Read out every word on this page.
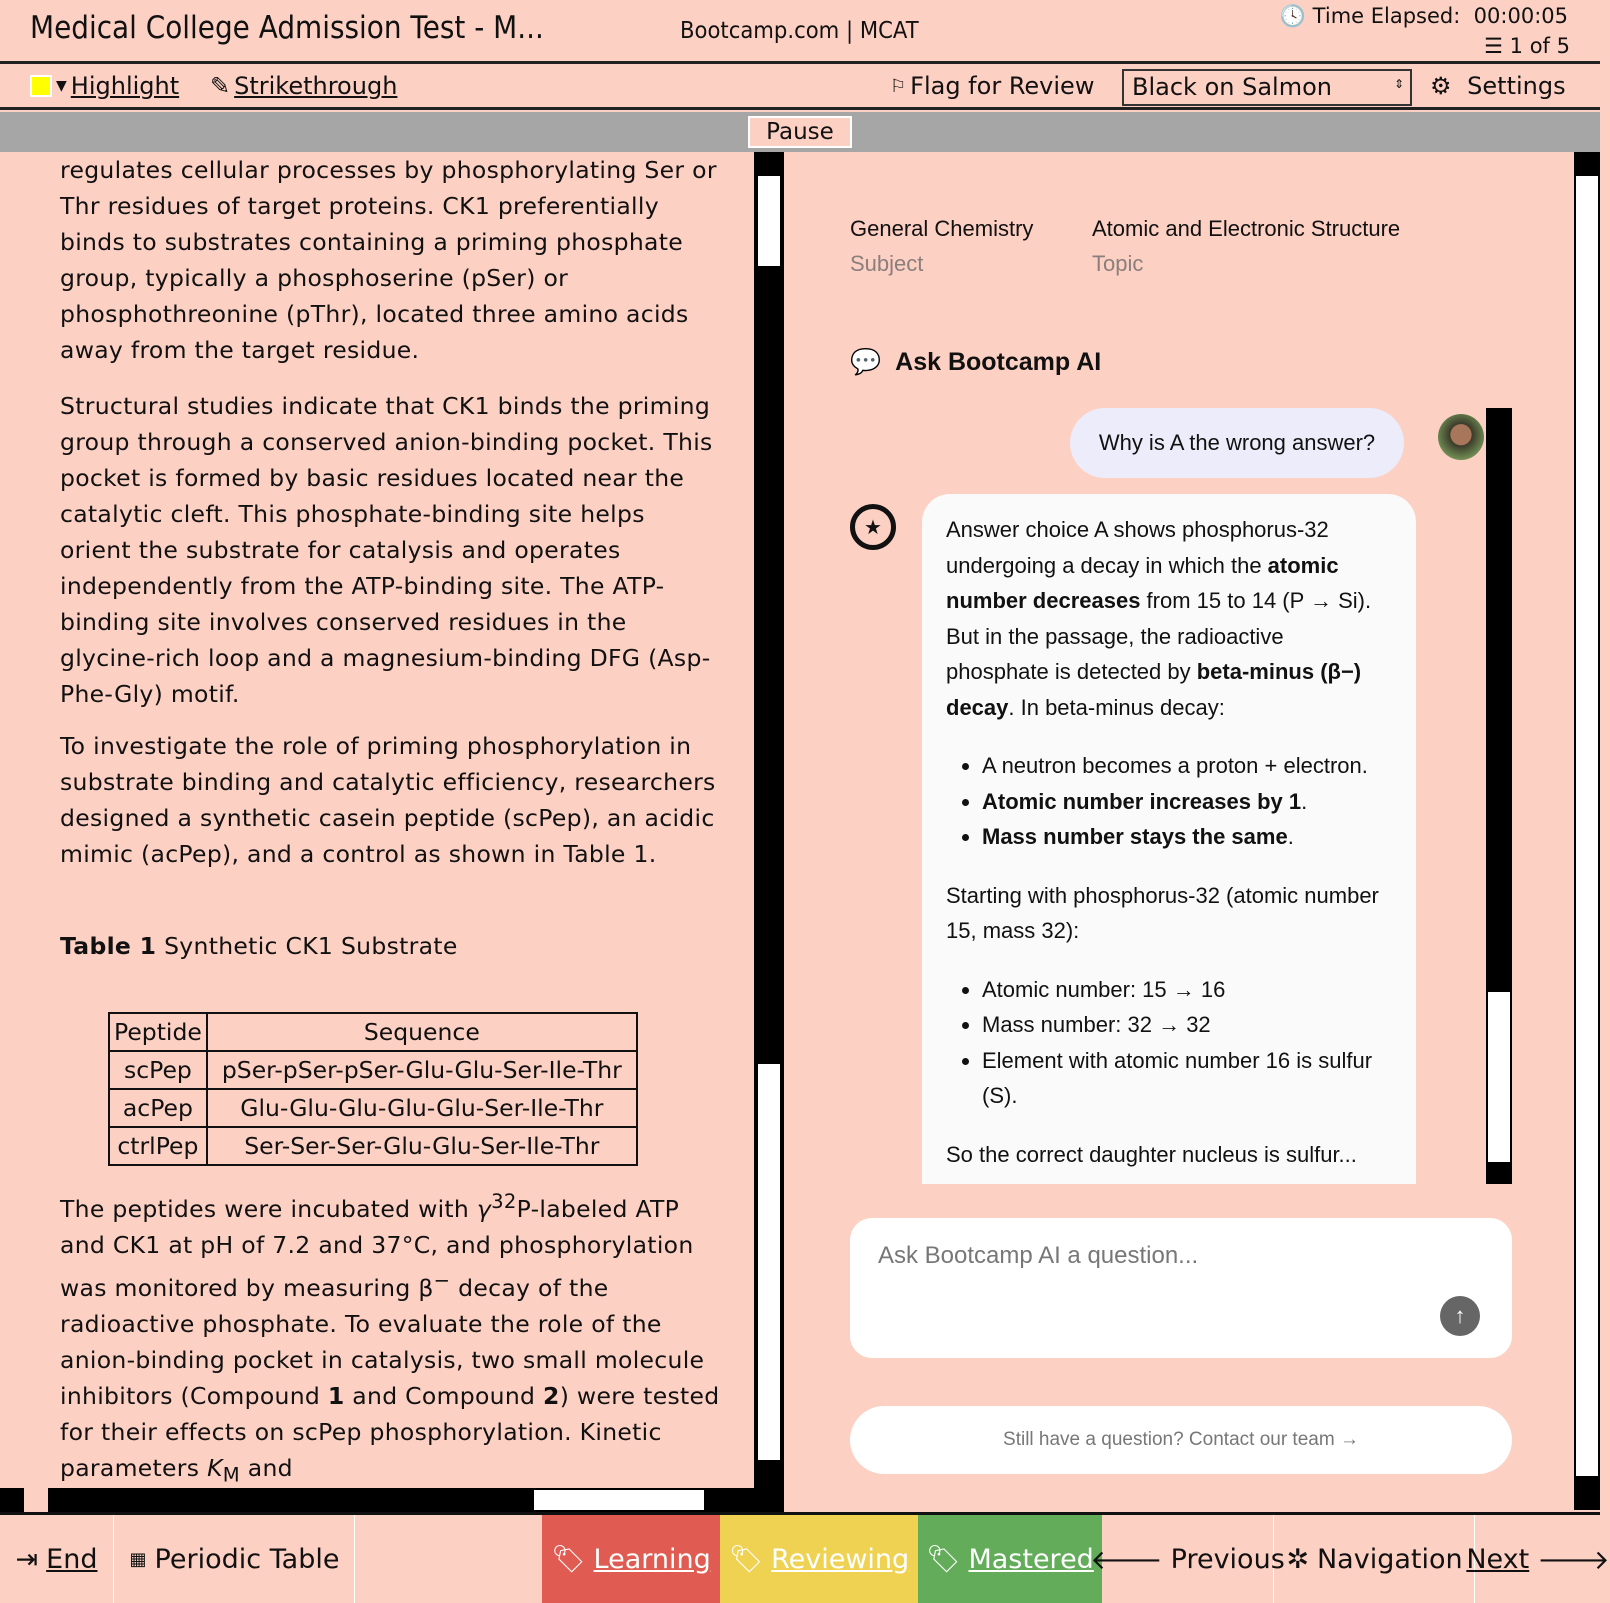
Medical College Admission Test - M...	Bootcamp.com | MCAT
🕓 Time Elapsed: 00:00:05
☰ 1 of 5
▼ Highlight ✎ Strikethrough	⚐ Flag for Review	Black on Salmon	⇕ ⚙
Settings
Pause
regulates cellular processes by phosphorylating Ser or Thr residues of target proteins. CK1 preferentially binds to substrates containing a priming phosphate group, typically a phosphoserine (pSer) or phosphothreonine (pThr), located three amino acids away from the target residue.
Structural studies indicate that CK1 binds the priming group through a conserved anion-binding pocket. This pocket is formed by basic residues located near the catalytic cleft. This phosphate-binding site helps orient the substrate for catalysis and operates independently from the ATP-binding site. The ATP-binding site involves conserved residues in the glycine-rich loop and a magnesium-binding DFG (Asp-Phe-Gly) motif.
To investigate the role of priming phosphorylation in substrate binding and catalytic efficiency, researchers designed a synthetic casein peptide (scPep), an acidic mimic (acPep), and a control as shown in Table 1.
Table 1 Synthetic CK1 Substrate
Peptide	Sequence
scPep	pSer-pSer-pSer-Glu-Glu-Ser-Ile-Thr
acPep	Glu-Glu-Glu-Glu-Glu-Ser-Ile-Thr
ctrlPep	Ser-Ser-Ser-Glu-Glu-Ser-Ile-Thr
The peptides were incubated with $\gamma^{32}P$-labeled ATP and CK1 at pH of 7.2 and 37°C, and phosphorylation was monitored by measuring β− decay of the radioactive phosphate. To evaluate the role of the anion-binding pocket in catalysis, two small molecule inhibitors (Compound 1 and Compound 2) were tested for their effects on scPep phosphorylation. Kinetic parameters $K_M$ and
General Chemistry
Subject
Atomic and Electronic Structure
Topic
💬 Ask Bootcamp AI
Why is A the wrong answer?
★	Answer choice A shows phosphorus-32 undergoing a decay in which the atomic number decreases from 15 to 14 (P → Si). But in the passage, the radioactive phosphate is detected by beta-minus (β−) decay. In beta-minus decay:

• A neutron becomes a proton + electron.
• Atomic number increases by 1.
• Mass number stays the same.

Starting with phosphorus-32 (atomic number 15, mass 32):

• Atomic number: 15 → 16
• Mass number: 32 → 32
• Element with atomic number 16 is sulfur (S).

So the correct daughter nucleus is sulfur...

Ask Bootcamp AI a question...
↑
Still have a question? Contact our team →
⇥ End ▦ Periodic Table	🏷 Learning 🏷 Reviewing 🏷 Mastered
🡐 Previous ✲ Navigation Next 🡒
